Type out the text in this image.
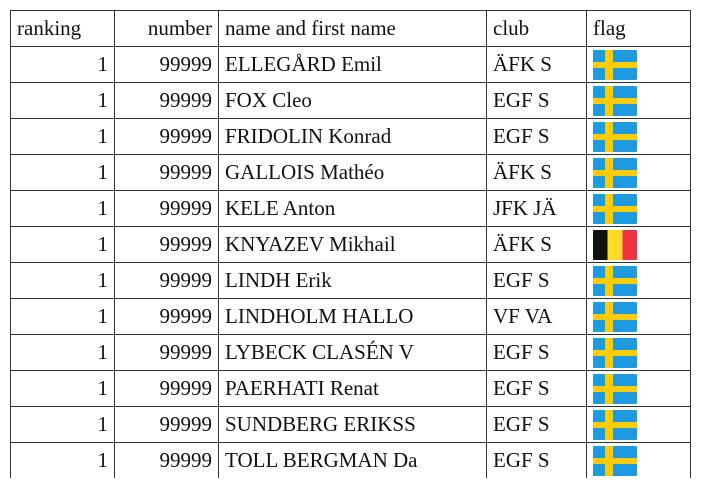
ranking	number	name and first name	club	flag
1	99999	ELLEGÅRD Emil	ÄFK S	
1	99999	FOX Cleo	EGF S	
1	99999	FRIDOLIN Konrad	EGF S	
1	99999	GALLOIS Mathéo	ÄFK S	
1	99999	KELE Anton	JFK JÄ	
1	99999	KNYAZEV Mikhail	ÄFK S	
1	99999	LINDH Erik	EGF S	
1	99999	LINDHOLM HALLO	VF VA	
1	99999	LYBECK CLASÉN V	EGF S	
1	99999	PAERHATI Renat	EGF S	
1	99999	SUNDBERG ERIKSS	EGF S	
1	99999	TOLL BERGMAN Da	EGF S	
